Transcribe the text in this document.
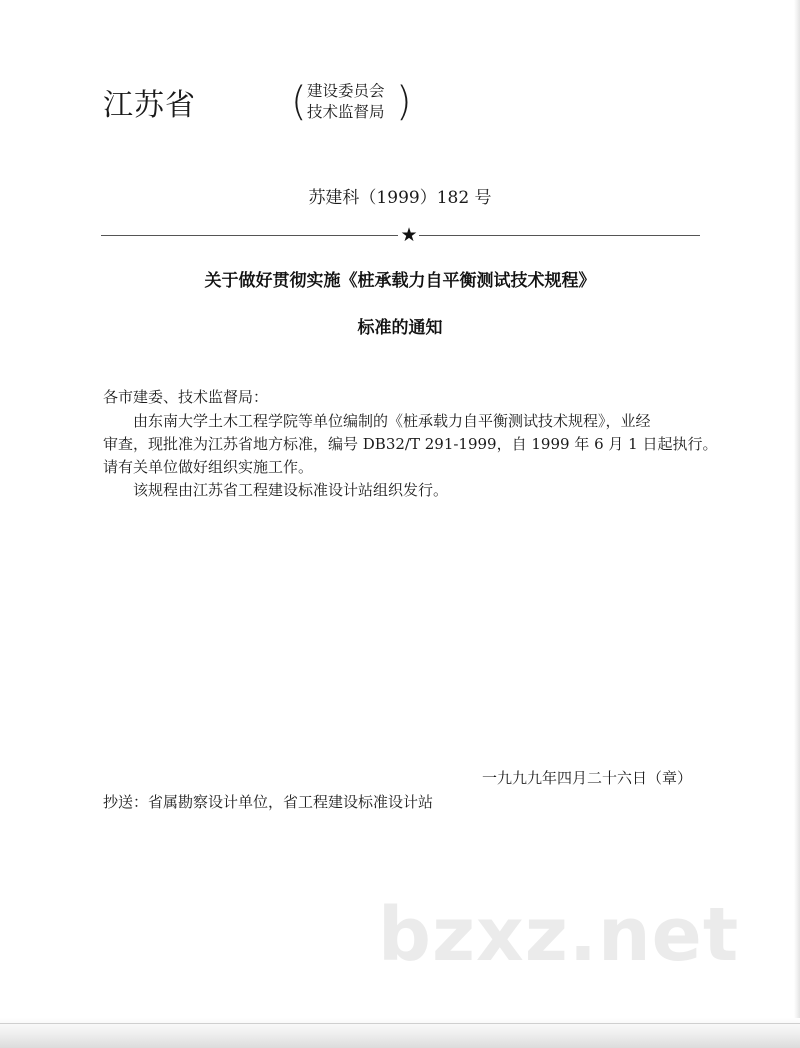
江苏省 ( 建设委员会
技术监督局 )
苏建科（1999）182 号
★
关于做好贯彻实施《桩承载力自平衡测试技术规程》
标准的通知
各市建委、技术监督局：
由东南大学土木工程学院等单位编制的《桩承载力自平衡测试技术规程》，业经
审查，现批准为江苏省地方标准，编号 DB32/T 291-1999，自 1999 年 6 月 1 日起执行。
请有关单位做好组织实施工作。
该规程由江苏省工程建设标准设计站组织发行。
一九九九年四月二十六日（章）
抄送：省属勘察设计单位，省工程建设标准设计站
bzxz.net
